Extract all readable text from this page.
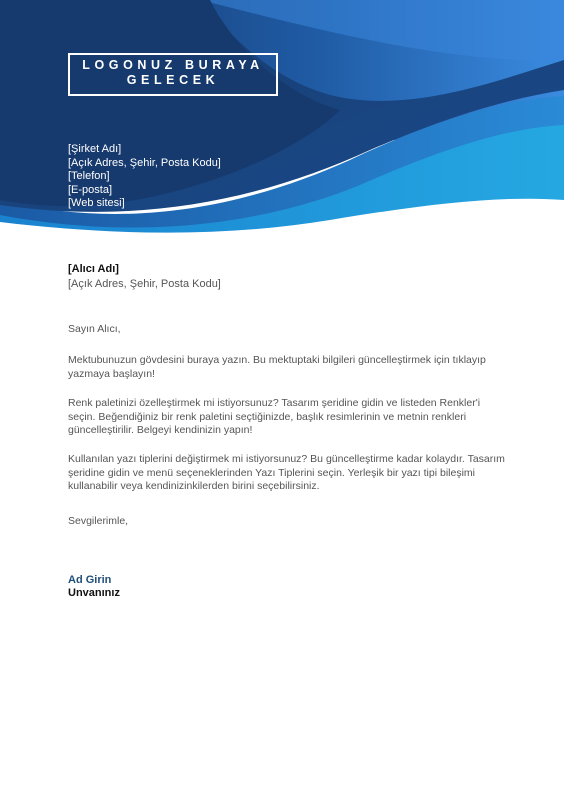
LOGONUZ BURAYA
GELECEK
[Şirket Adı]
[Açık Adres, Şehir, Posta Kodu]
[Telefon]
[E-posta]
[Web sitesi]
[Alıcı Adı]
[Açık Adres, Şehir, Posta Kodu]
Sayın Alıcı,
Mektubunuzun gövdesini buraya yazın. Bu mektuptaki bilgileri güncelleştirmek için tıklayıp yazmaya başlayın!
Renk paletinizi özelleştirmek mi istiyorsunuz? Tasarım şeridine gidin ve listeden Renkler'i seçin. Beğendiğiniz bir renk paletini seçtiğinizde, başlık resimlerinin ve metnin renkleri güncelleştirilir. Belgeyi kendinizin yapın!
Kullanılan yazı tiplerini değiştirmek mi istiyorsunuz? Bu güncelleştirme kadar kolaydır. Tasarım şeridine gidin ve menü seçeneklerinden Yazı Tiplerini seçin. Yerleşik bir yazı tipi bileşimi kullanabilir veya kendinizinkilerden birini seçebilirsiniz.
Sevgilerimle,
Ad Girin
Unvanınız
